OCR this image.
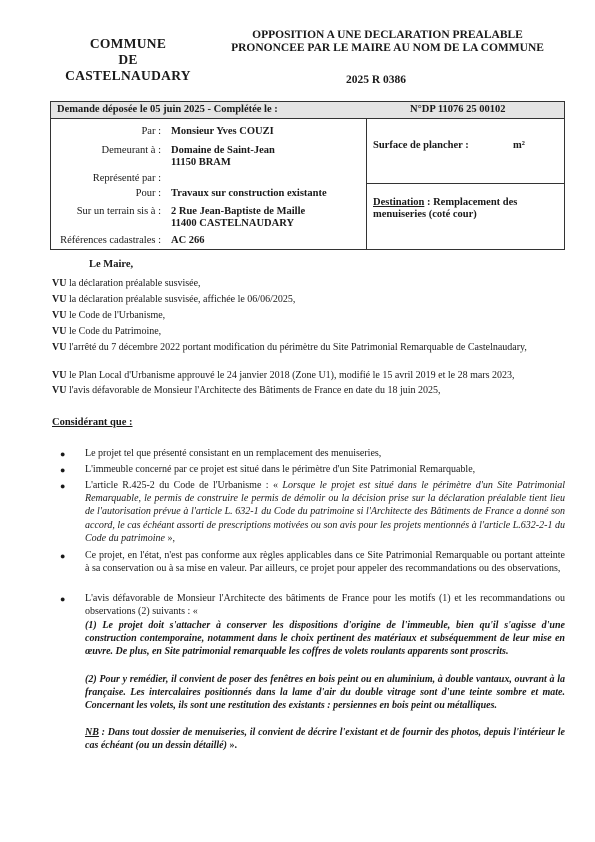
COMMUNE
DE
CASTELNAUDARY
OPPOSITION A UNE DECLARATION PREALABLE
PRONONCEE PAR LE MAIRE AU NOM DE LA COMMUNE
2025 R 0386
Demande déposée le 05 juin 2025 - Complétée le :	N°DP 11076 25 00102
Par : Monsieur Yves COUZI
Demeurant à : Domaine de Saint-Jean
11150 BRAM
Représenté par :
Pour : Travaux sur construction existante
Sur un terrain sis à : 2 Rue Jean-Baptiste de Maille
11400 CASTELNAUDARY
Références cadastrales : AC 266
Surface de plancher :	m²
Destination : Remplacement des menuiseries (coté cour)
Le Maire,
VU la déclaration préalable susvisée,
VU la déclaration préalable susvisée, affichée le 06/06/2025,
VU le Code de l'Urbanisme,
VU le Code du Patrimoine,
VU l'arrêté du 7 décembre 2022 portant modification du périmètre du Site Patrimonial Remarquable de Castelnaudary,
VU le Plan Local d'Urbanisme approuvé le 24 janvier 2018 (Zone U1), modifié le 15 avril 2019 et le 28 mars 2023,
VU l'avis défavorable de Monsieur l'Architecte des Bâtiments de France en date du 18 juin 2025,
Considérant que :
● Le projet tel que présenté consistant en un remplacement des menuiseries,
● L'immeuble concerné par ce projet est situé dans le périmètre d'un Site Patrimonial Remarquable,
● L'article R.425-2 du Code de l'Urbanisme : « Lorsque le projet est situé dans le périmètre d'un Site Patrimonial Remarquable, le permis de construire le permis de démolir ou la décision prise sur la déclaration préalable tient lieu de l'autorisation prévue à l'article L. 632-1 du Code du patrimoine si l'Architecte des Bâtiments de France a donné son accord, le cas échéant assorti de prescriptions motivées ou son avis pour les projets mentionnés à l'article L.632-2-1 du Code du patrimoine »,
● Ce projet, en l'état, n'est pas conforme aux règles applicables dans ce Site Patrimonial Remarquable ou portant atteinte à sa conservation ou à sa mise en valeur. Par ailleurs, ce projet pour appeler des recommandations ou des observations,
● L'avis défavorable de Monsieur l'Architecte des bâtiments de France pour les motifs (1) et les recommandations ou observations (2) suivants : «
(1) Le projet doit s'attacher à conserver les dispositions d'origine de l'immeuble, bien qu'il s'agisse d'une construction contemporaine, notamment dans le choix pertinent des matériaux et subséquemment de leur mise en œuvre. De plus, en Site patrimonial remarquable les coffres de volets roulants apparents sont proscrits.
(2) Pour y remédier, il convient de poser des fenêtres en bois peint ou en aluminium, à double vantaux, ouvrant à la française. Les intercalaires positionnés dans la lame d'air du double vitrage sont d'une teinte sombre et mate. Concernant les volets, ils sont une restitution des existants : persiennes en bois peint ou métalliques.
NB : Dans tout dossier de menuiseries, il convient de décrire l'existant et de fournir des photos, depuis l'intérieur le cas échéant (ou un dessin détaillé) ».
